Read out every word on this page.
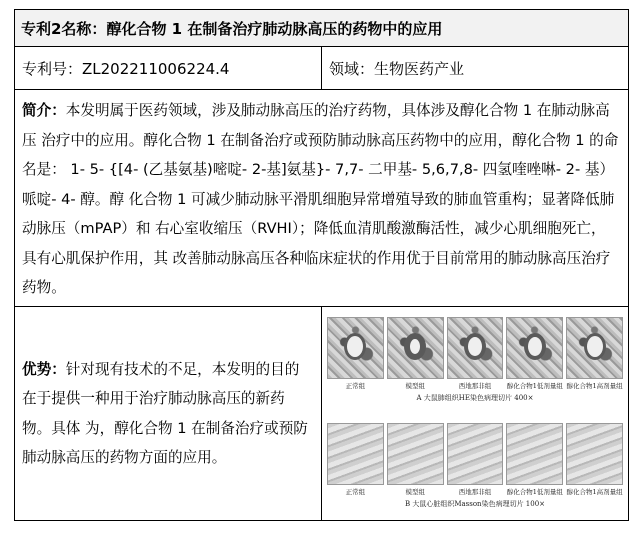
专利2名称：醇化合物 1 在制备治疗肺动脉高压的药物中的应用
专利号：ZL202211006224.4	领域：生物医药产业
简介：本发明属于医药领域，涉及肺动脉高压的治疗药物，具体涉及醇化合物 1 在肺动脉高压 治疗中的应用。醇化合物 1 在制备治疗或预防肺动脉高压药物中的应用，醇化合物 1 的命名是： 1- 5- {[4- (乙基氨基)嘧啶- 2-基]氨基}- 7,7- 二甲基- 5,6,7,8- 四氢喹唑啉- 2- 基） 哌啶- 4- 醇。醇 化合物 1 可减少肺动脉平滑肌细胞异常增殖导致的肺血管重构；显著降低肺动脉压（mPAP）和 右心室收缩压（RVHI）；降低血清肌酸激酶活性，减少心肌细胞死亡，具有心肌保护作用，其 改善肺动脉高压各种临床症状的作用优于目前常用的肺动脉高压治疗药物。
优势：针对现有技术的不足，本发明的目的在于提供一种用于治疗肺动脉高压的新药物。具体 为，醇化合物 1 在制备治疗或预防肺动脉高压的药物方面的应用。
正常组	模型组	西地那非组	醇化合物1低剂量组 醇化合物1高剂量组
A 大鼠肺组织HE染色病理切片 400×
正常组	模型组	西地那非组	醇化合物1低剂量组 醇化合物1高剂量组
B 大鼠心脏组织Masson染色病理切片 100×
